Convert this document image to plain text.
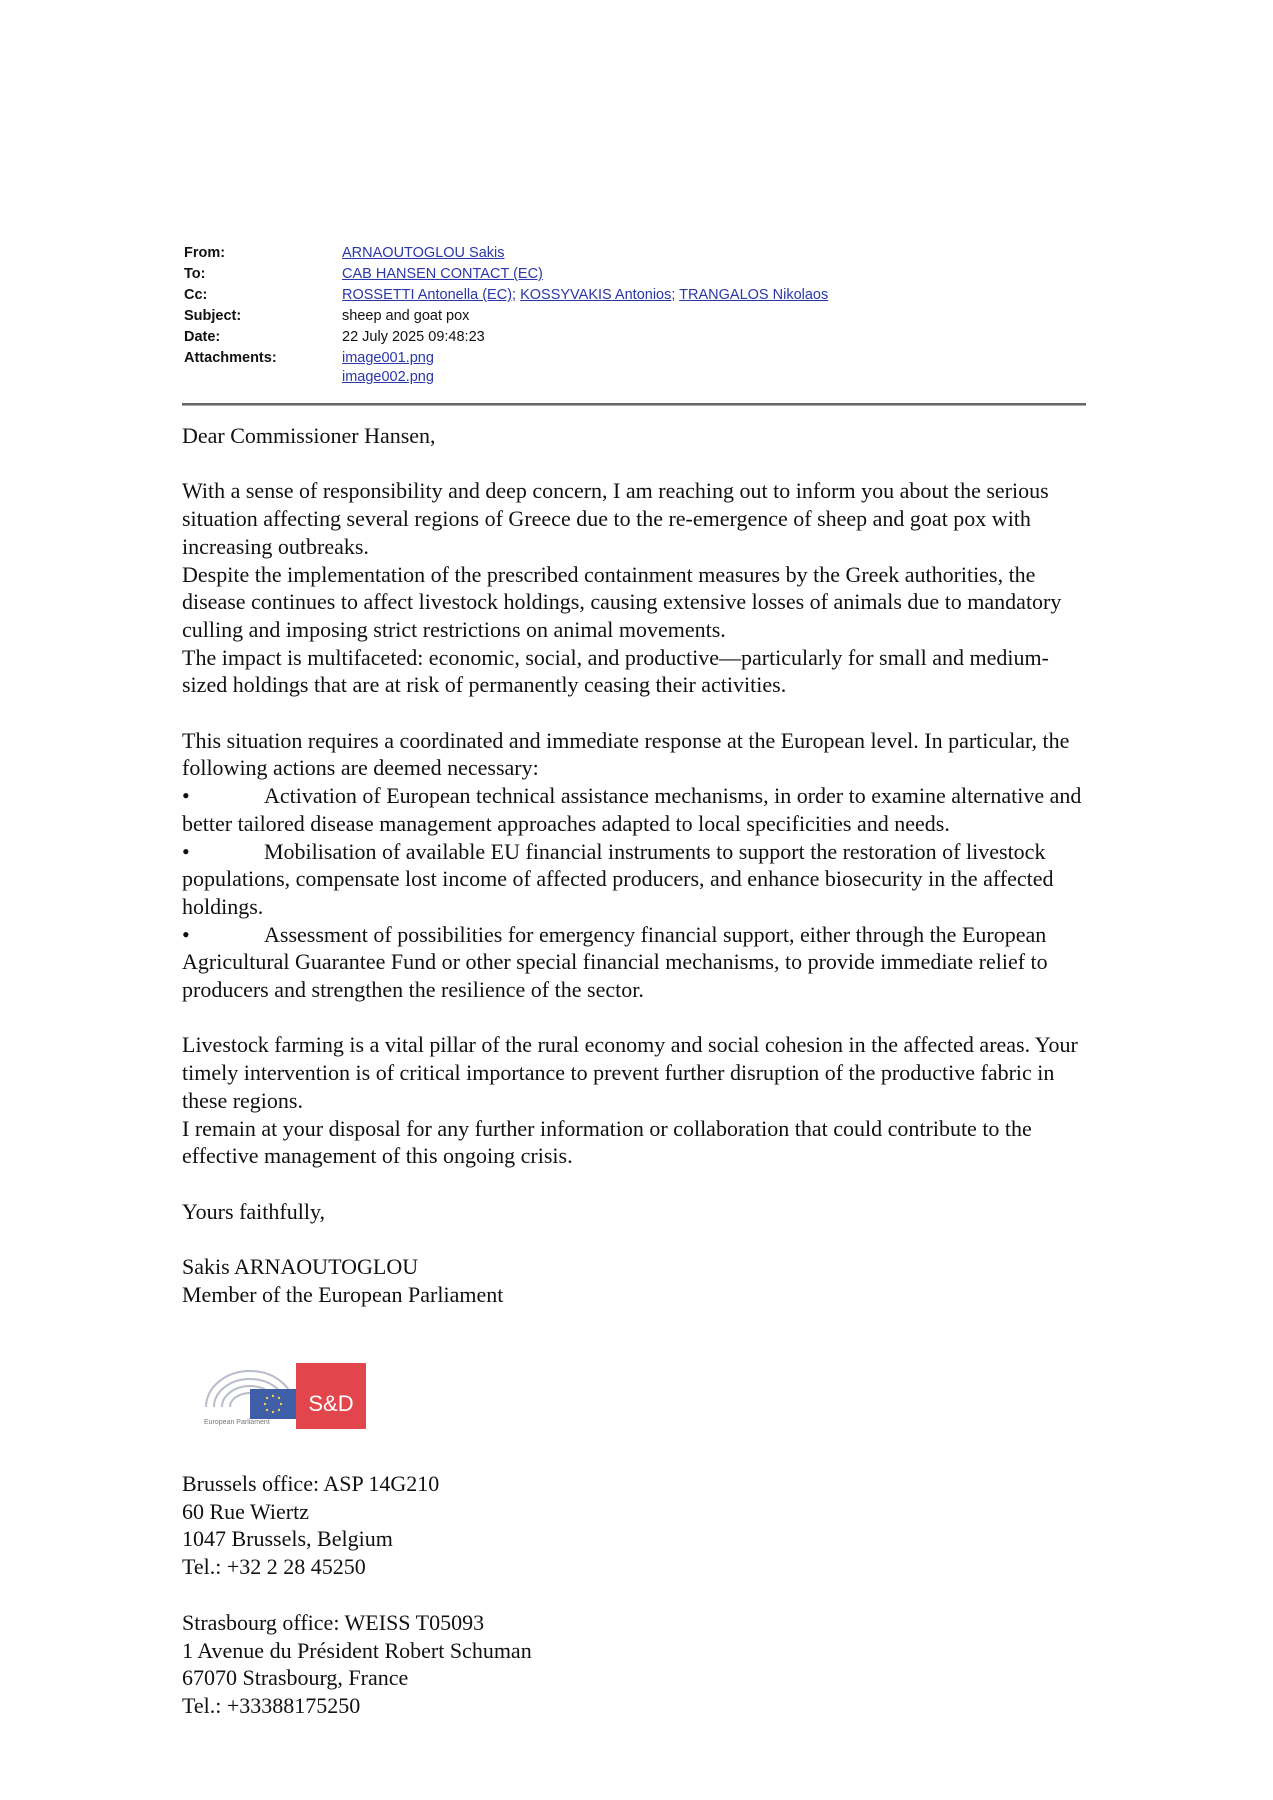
From:	ARNAOUTOGLOU Sakis
To:	CAB HANSEN CONTACT (EC)
Cc:	ROSSETTI Antonella (EC); KOSSYVAKIS Antonios; TRANGALOS Nikolaos
Subject:	sheep and goat pox
Date:	22 July 2025 09:48:23
Attachments:	image001.png
image002.png

Dear Commissioner Hansen,

With a sense of responsibility and deep concern, I am reaching out to inform you about the serious situation affecting several regions of Greece due to the re-emergence of sheep and goat pox with increasing outbreaks.

Despite the implementation of the prescribed containment measures by the Greek authorities, the disease continues to affect livestock holdings, causing extensive losses of animals due to mandatory culling and imposing strict restrictions on animal movements.

The impact is multifaceted: economic, social, and productive—particularly for small and medium-sized holdings that are at risk of permanently ceasing their activities.

This situation requires a coordinated and immediate response at the European level. In particular, the following actions are deemed necessary:

•	Activation of European technical assistance mechanisms, in order to examine alternative and better tailored disease management approaches adapted to local specificities and needs.

•	Mobilisation of available EU financial instruments to support the restoration of livestock populations, compensate lost income of affected producers, and enhance biosecurity in the affected holdings.

•	Assessment of possibilities for emergency financial support, either through the European Agricultural Guarantee Fund or other special financial mechanisms, to provide immediate relief to producers and strengthen the resilience of the sector.

Livestock farming is a vital pillar of the rural economy and social cohesion in the affected areas. Your timely intervention is of critical importance to prevent further disruption of the productive fabric in these regions.

I remain at your disposal for any further information or collaboration that could contribute to the effective management of this ongoing crisis.

Yours faithfully,

Sakis ARNAOUTOGLOU

Member of the European Parliament

S&D
European Parliament
Brussels office: ASP 14G210
60 Rue Wiertz
1047 Brussels, Belgium
Tel.: +32 2 28 45250
Strasbourg office: WEISS T05093
1 Avenue du Président Robert Schuman
67070 Strasbourg, France
Tel.: +33388175250
